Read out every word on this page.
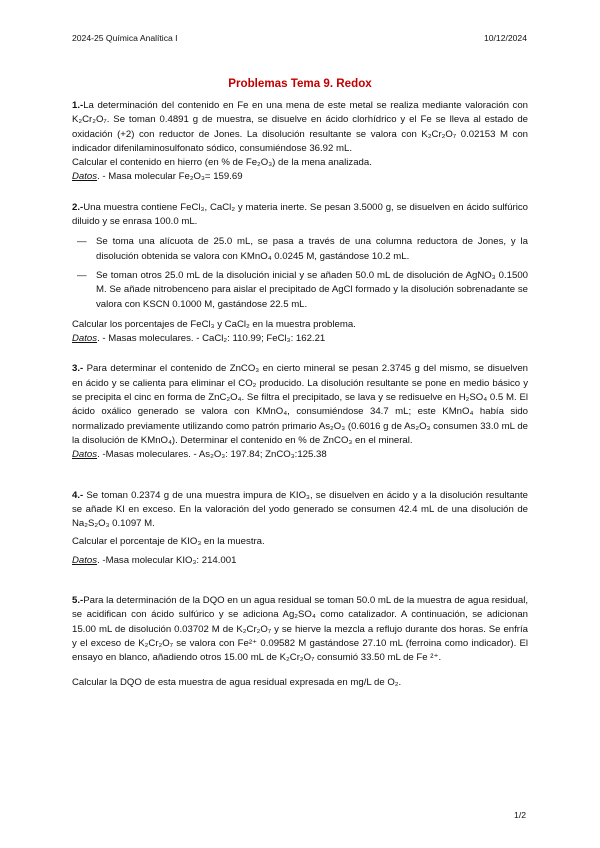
2024-25 Química Analítica I	10/12/2024
Problemas Tema 9. Redox

1.-La determinación del contenido en Fe en una mena de este metal se realiza mediante valoración con K₂Cr₂O₇. Se toman 0.4891 g de muestra, se disuelve en ácido clorhídrico y el Fe se lleva al estado de oxidación (+2) con reductor de Jones. La disolución resultante se valora con K₂Cr₂O₇ 0.02153 M con indicador difenilaminosulfonato sódico, consumiéndose 36.92 mL.

Calcular el contenido en hierro (en % de Fe₂O₃) de la mena analizada.

Datos. - Masa molecular Fe₂O₃= 159.69

2.-Una muestra contiene FeCl₃, CaCl₂ y materia inerte. Se pesan 3.5000 g, se disuelven en ácido sulfúrico diluido y se enrasa 100.0 mL.

— Se toma una alícuota de 25.0 mL, se pasa a través de una columna reductora de Jones, y la disolución obtenida se valora con KMnO₄ 0.0245 M, gastándose 10.2 mL.
— Se toman otros 25.0 mL de la disolución inicial y se añaden 50.0 mL de disolución de AgNO₃ 0.1500 M. Se añade nitrobenceno para aislar el precipitado de AgCl formado y la disolución sobrenadante se valora con KSCN 0.1000 M, gastándose 22.5 mL.

Calcular los porcentajes de FeCl₃ y CaCl₂ en la muestra problema.

Datos. - Masas moleculares. - CaCl₂: 110.99; FeCl₃: 162.21

3.- Para determinar el contenido de ZnCO₃ en cierto mineral se pesan 2.3745 g del mismo, se disuelven en ácido y se calienta para eliminar el CO₂ producido. La disolución resultante se pone en medio básico y se precipita el cinc en forma de ZnC₂O₄. Se filtra el precipitado, se lava y se redisuelve en H₂SO₄ 0.5 M. El ácido oxálico generado se valora con KMnO₄, consumiéndose 34.7 mL; este KMnO₄ había sido normalizado previamente utilizando como patrón primario As₂O₃ (0.6016 g de As₂O₃ consumen 33.0 mL de la disolución de KMnO₄). Determinar el contenido en % de ZnCO₃ en el mineral.

Datos. -Masas moleculares. - As₂O₃: 197.84; ZnCO₃:125.38

4.- Se toman 0.2374 g de una muestra impura de KIO₃, se disuelven en ácido y a la disolución resultante se añade KI en exceso. En la valoración del yodo generado se consumen 42.4 mL de una disolución de Na₂S₂O₃ 0.1097 M.

Calcular el porcentaje de KIO₃ en la muestra.

Datos. -Masa molecular KIO₃: 214.001

5.-Para la determinación de la DQO en un agua residual se toman 50.0 mL de la muestra de agua residual, se acidifican con ácido sulfúrico y se adiciona Ag₂SO₄ como catalizador. A continuación, se adicionan 15.00 mL de disolución 0.03702 M de K₂Cr₂O₇ y se hierve la mezcla a reflujo durante dos horas. Se enfría y el exceso de K₂Cr₂O₇ se valora con Fe²⁺ 0.09582 M gastándose 27.10 mL (ferroina como indicador). El ensayo en blanco, añadiendo otros 15.00 mL de K₂Cr₂O₇ consumió 33.50 mL de Fe ²⁺.

Calcular la DQO de esta muestra de agua residual expresada en mg/L de O₂.

1/2
